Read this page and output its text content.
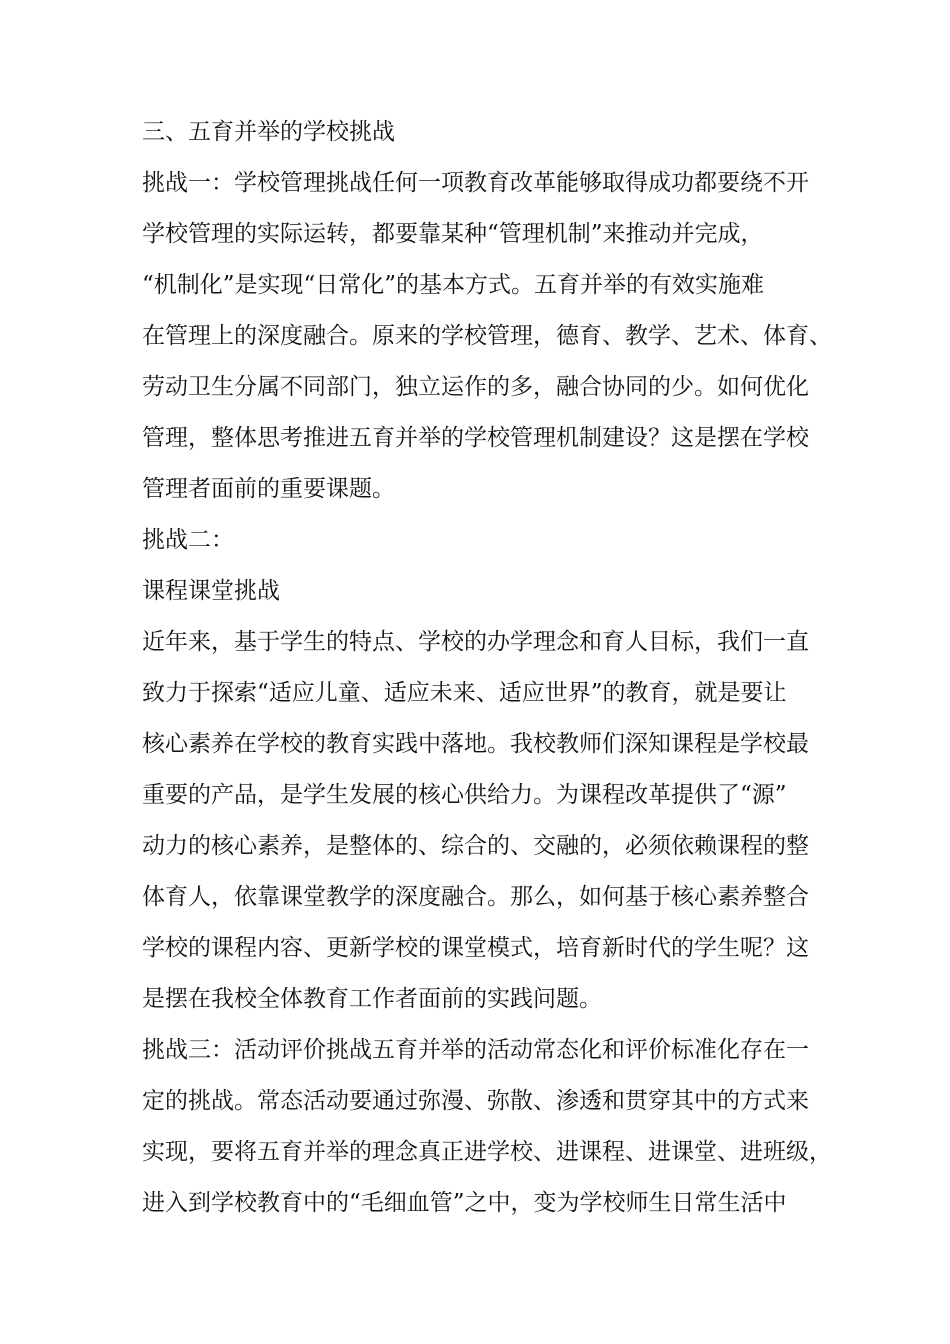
三、五育并举的学校挑战
挑战一：学校管理挑战任何一项教育改革能够取得成功都要绕不开
学校管理的实际运转，都要靠某种“管理机制”来推动并完成，
“机制化”是实现“日常化”的基本方式。五育并举的有效实施难
在管理上的深度融合。原来的学校管理，德育、教学、艺术、体育、
劳动卫生分属不同部门，独立运作的多，融合协同的少。如何优化
管理，整体思考推进五育并举的学校管理机制建设？这是摆在学校
管理者面前的重要课题。
挑战二：
课程课堂挑战
近年来，基于学生的特点、学校的办学理念和育人目标，我们一直
致力于探索“适应儿童、适应未来、适应世界”的教育，就是要让
核心素养在学校的教育实践中落地。我校教师们深知课程是学校最
重要的产品，是学生发展的核心供给力。为课程改革提供了“源”
动力的核心素养，是整体的、综合的、交融的，必须依赖课程的整
体育人，依靠课堂教学的深度融合。那么，如何基于核心素养整合
学校的课程内容、更新学校的课堂模式，培育新时代的学生呢？这
是摆在我校全体教育工作者面前的实践问题。
挑战三：活动评价挑战五育并举的活动常态化和评价标准化存在一
定的挑战。常态活动要通过弥漫、弥散、渗透和贯穿其中的方式来
实现，要将五育并举的理念真正进学校、进课程、进课堂、进班级，
进入到学校教育中的“毛细血管”之中，变为学校师生日常生活中
